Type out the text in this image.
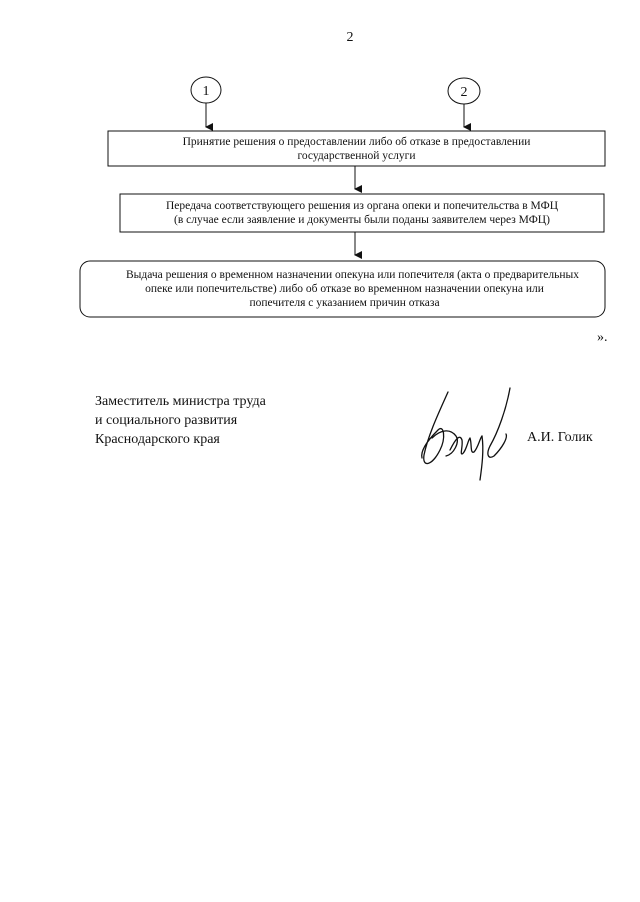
2
1	2
Принятие решения о предоставлении либо об отказе в предоставлении
государственной услуги
Передача соответствующего решения из органа опеки и попечительства в МФЦ
(в случае если заявление и документы были поданы заявителем через МФЦ)
Выдача решения о временном назначении опекуна или попечителя (акта о предварительных
опеке или попечительстве) либо об отказе во временном назначении опекуна или
попечителя с указанием причин отказа
».
Заместитель министра труда
и социального развития
Краснодарского края	А.И. Голик
